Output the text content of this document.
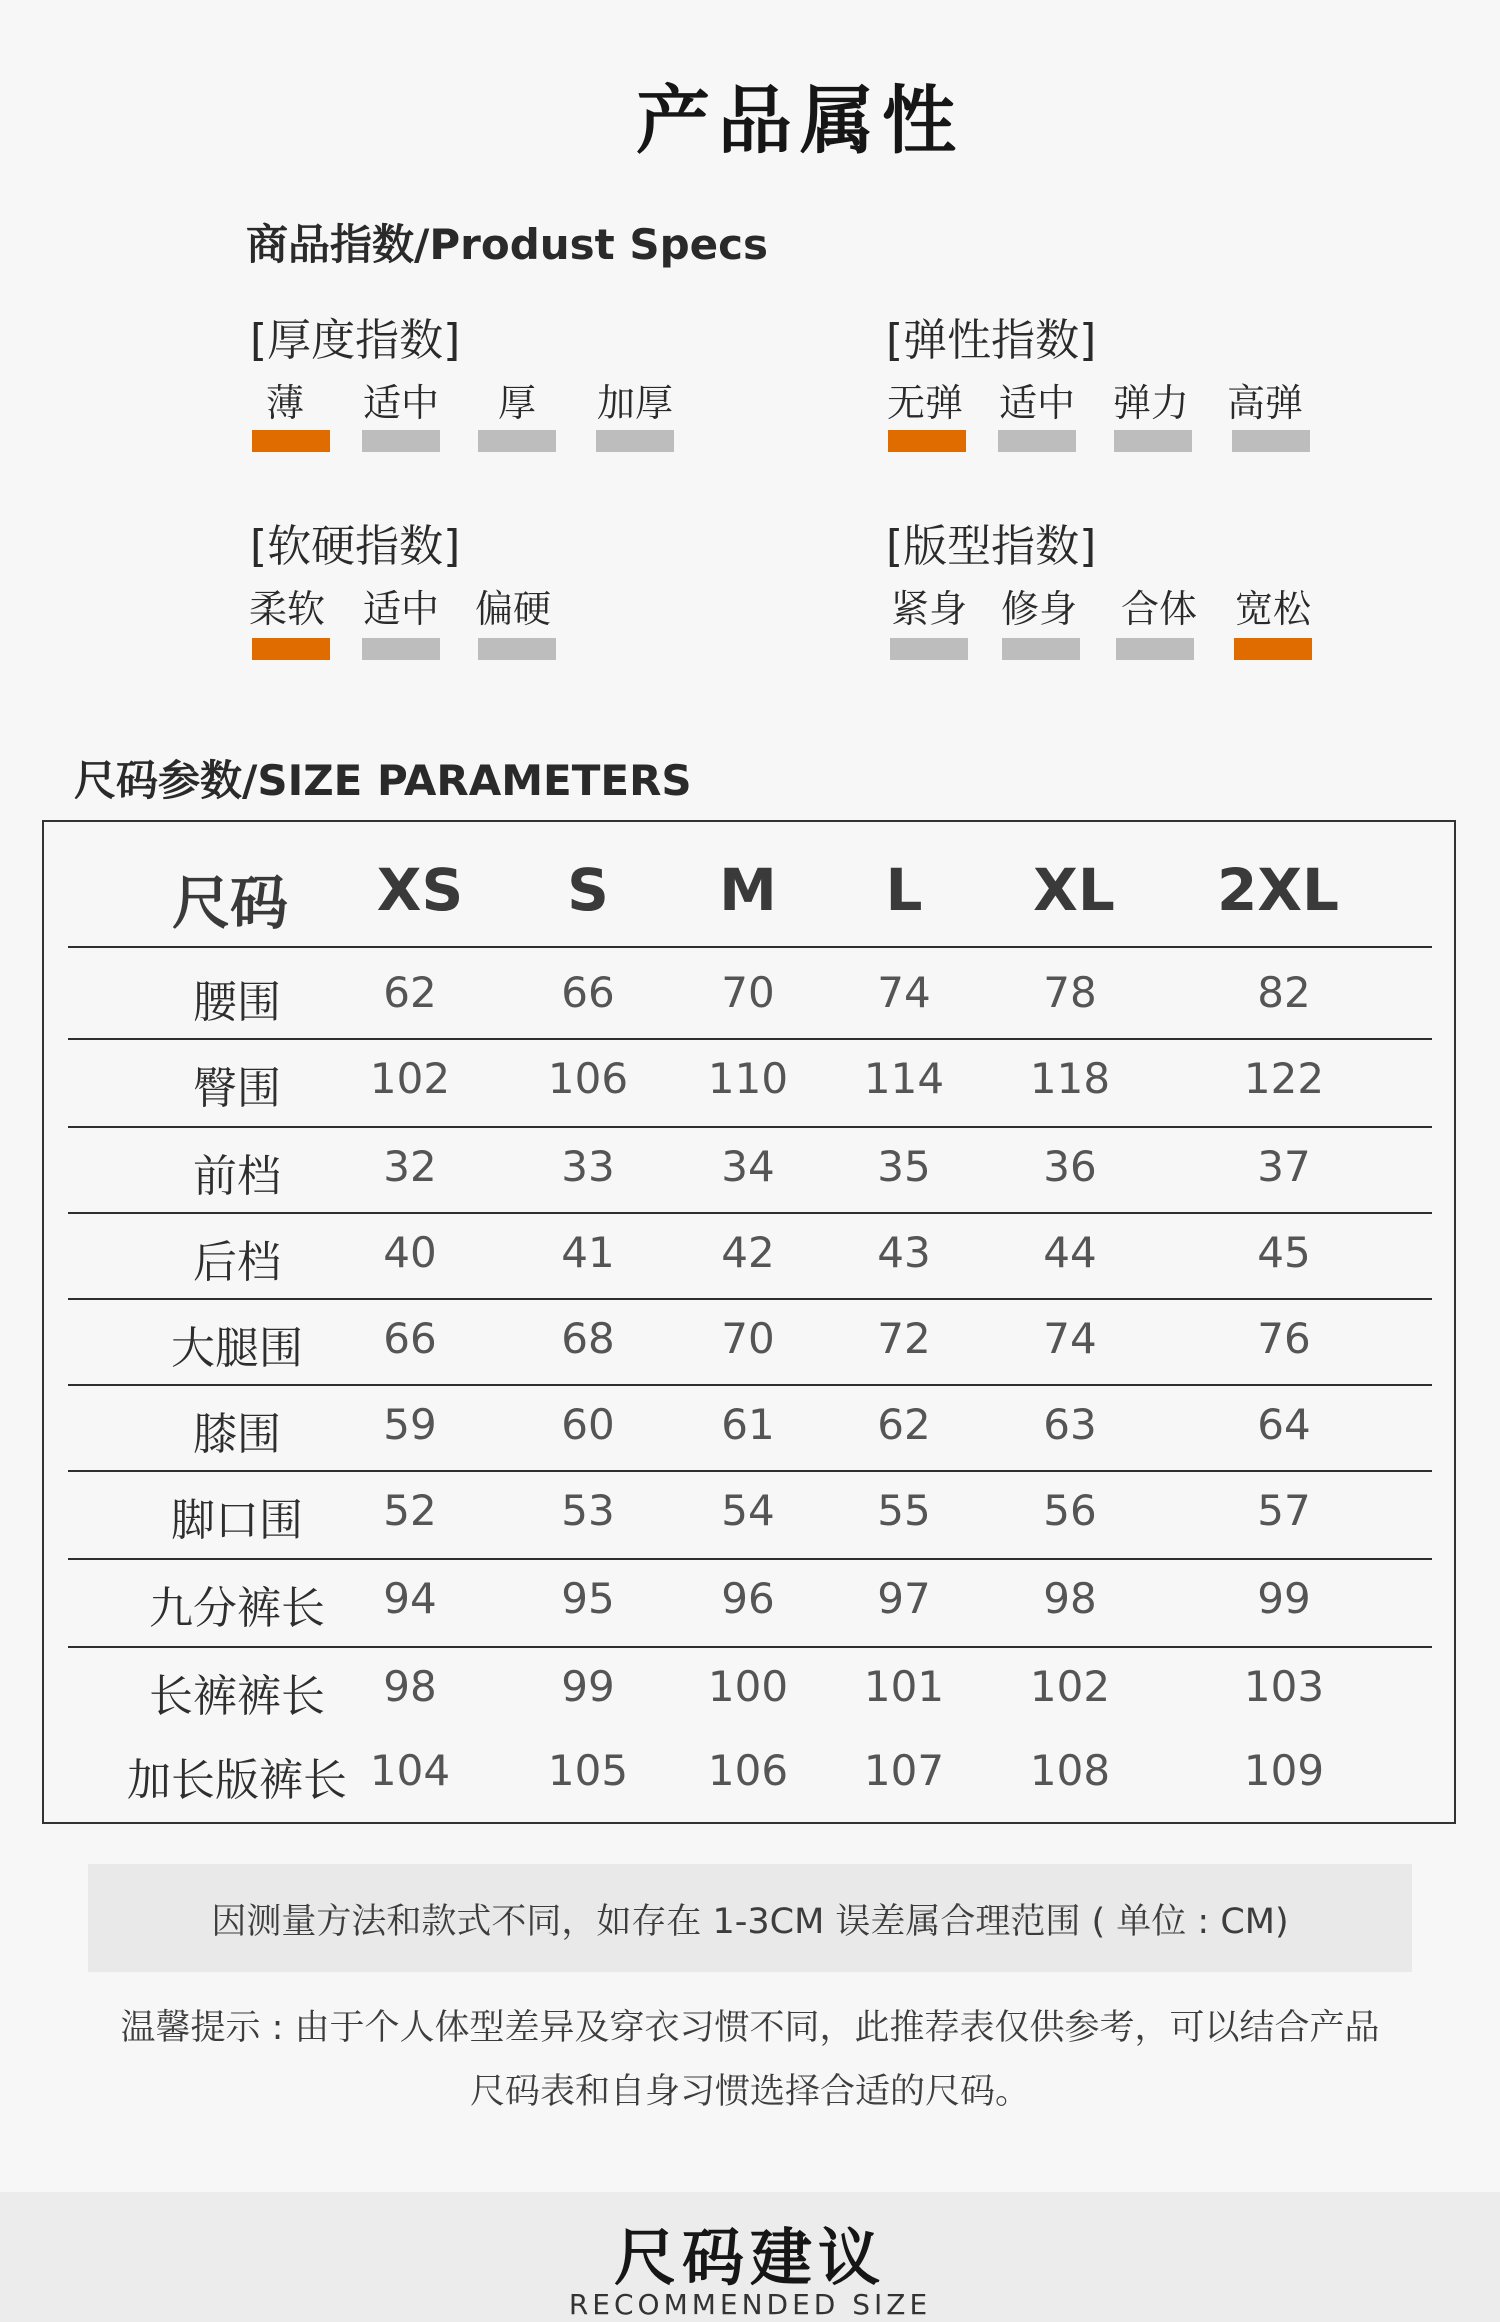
产品属性
商品指数/Produst Specs
[厚度指数]
薄	适中	厚	加厚
[弹性指数]
无弹 适中 弹力 高弹
[软硬指数]
柔软 适中 偏硬
[版型指数]
紧身 修身	合体 宽松
尺码参数/SIZE PARAMETERS
尺码	XS	S	M	L	XL	2XL
腰围	62	66	70	74	78	82
臀围	102	106	110	114	118	122
前档	32	33	34	35	36	37
后档	40	41	42	43	44	45
大腿围	66	68	70	72	74	76
膝围	59	60	61	62	63	64
脚口围	52	53	54	55	56	57
九分裤长	94	95	96	97	98	99
长裤裤长	98	99	100	101	102	103
加长版裤长 104	105	106	107	108	109
因测量方法和款式不同，如存在 1-3CM 误差属合理范围 ( 单位 : CM)
温馨提示 : 由于个人体型差异及穿衣习惯不同，此推荐表仅供参考，可以结合产品
尺码表和自身习惯选择合适的尺码。
尺码建议
RECOMMENDED SIZE
